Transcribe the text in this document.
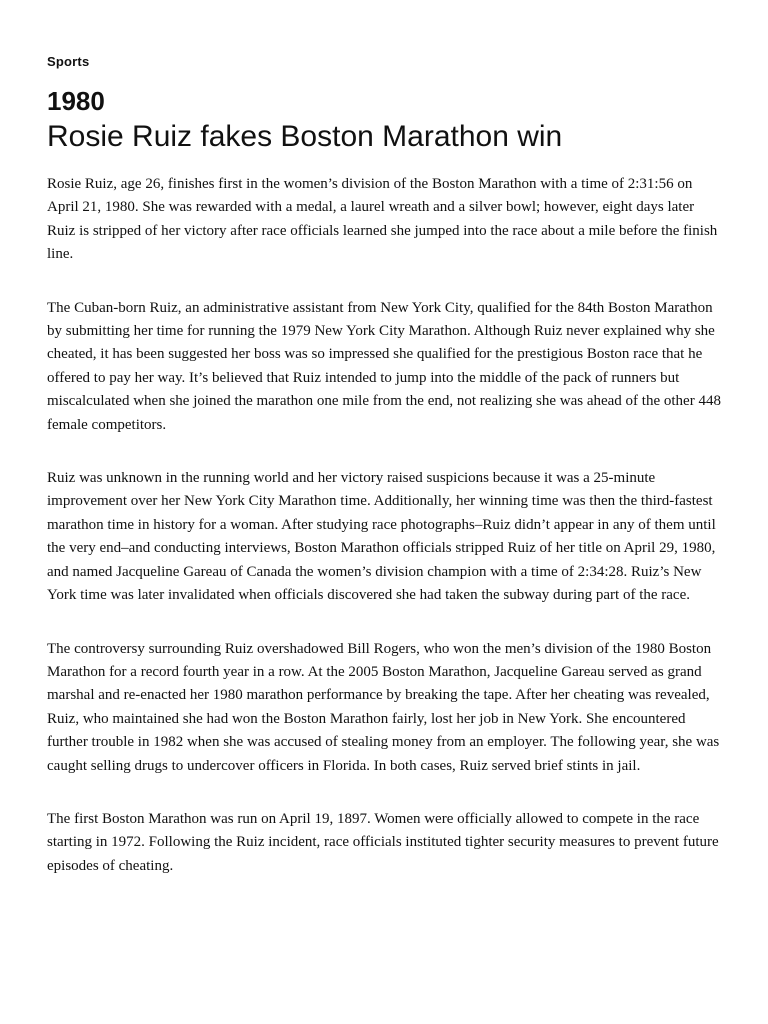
Sports
1980
Rosie Ruiz fakes Boston Marathon win

Rosie Ruiz, age 26, finishes first in the women’s division of the Boston Marathon with a time of 2:31:56 on April 21, 1980. She was rewarded with a medal, a laurel wreath and a silver bowl; however, eight days later Ruiz is stripped of her victory after race officials learned she jumped into the race about a mile before the finish line.

The Cuban-born Ruiz, an administrative assistant from New York City, qualified for the 84th Boston Marathon by submitting her time for running the 1979 New York City Marathon. Although Ruiz never explained why she cheated, it has been suggested her boss was so impressed she qualified for the prestigious Boston race that he offered to pay her way. It’s believed that Ruiz intended to jump into the middle of the pack of runners but miscalculated when she joined the marathon one mile from the end, not realizing she was ahead of the other 448 female competitors.

Ruiz was unknown in the running world and her victory raised suspicions because it was a 25-minute improvement over her New York City Marathon time. Additionally, her winning time was then the third-fastest marathon time in history for a woman. After studying race photographs–Ruiz didn’t appear in any of them until the very end–and conducting interviews, Boston Marathon officials stripped Ruiz of her title on April 29, 1980, and named Jacqueline Gareau of Canada the women’s division champion with a time of 2:34:28. Ruiz’s New York time was later invalidated when officials discovered she had taken the subway during part of the race.

The controversy surrounding Ruiz overshadowed Bill Rogers, who won the men’s division of the 1980 Boston Marathon for a record fourth year in a row. At the 2005 Boston Marathon, Jacqueline Gareau served as grand marshal and re-enacted her 1980 marathon performance by breaking the tape. After her cheating was revealed, Ruiz, who maintained she had won the Boston Marathon fairly, lost her job in New York. She encountered further trouble in 1982 when she was accused of stealing money from an employer. The following year, she was caught selling drugs to undercover officers in Florida. In both cases, Ruiz served brief stints in jail.

The first Boston Marathon was run on April 19, 1897. Women were officially allowed to compete in the race starting in 1972. Following the Ruiz incident, race officials instituted tighter security measures to prevent future episodes of cheating.
